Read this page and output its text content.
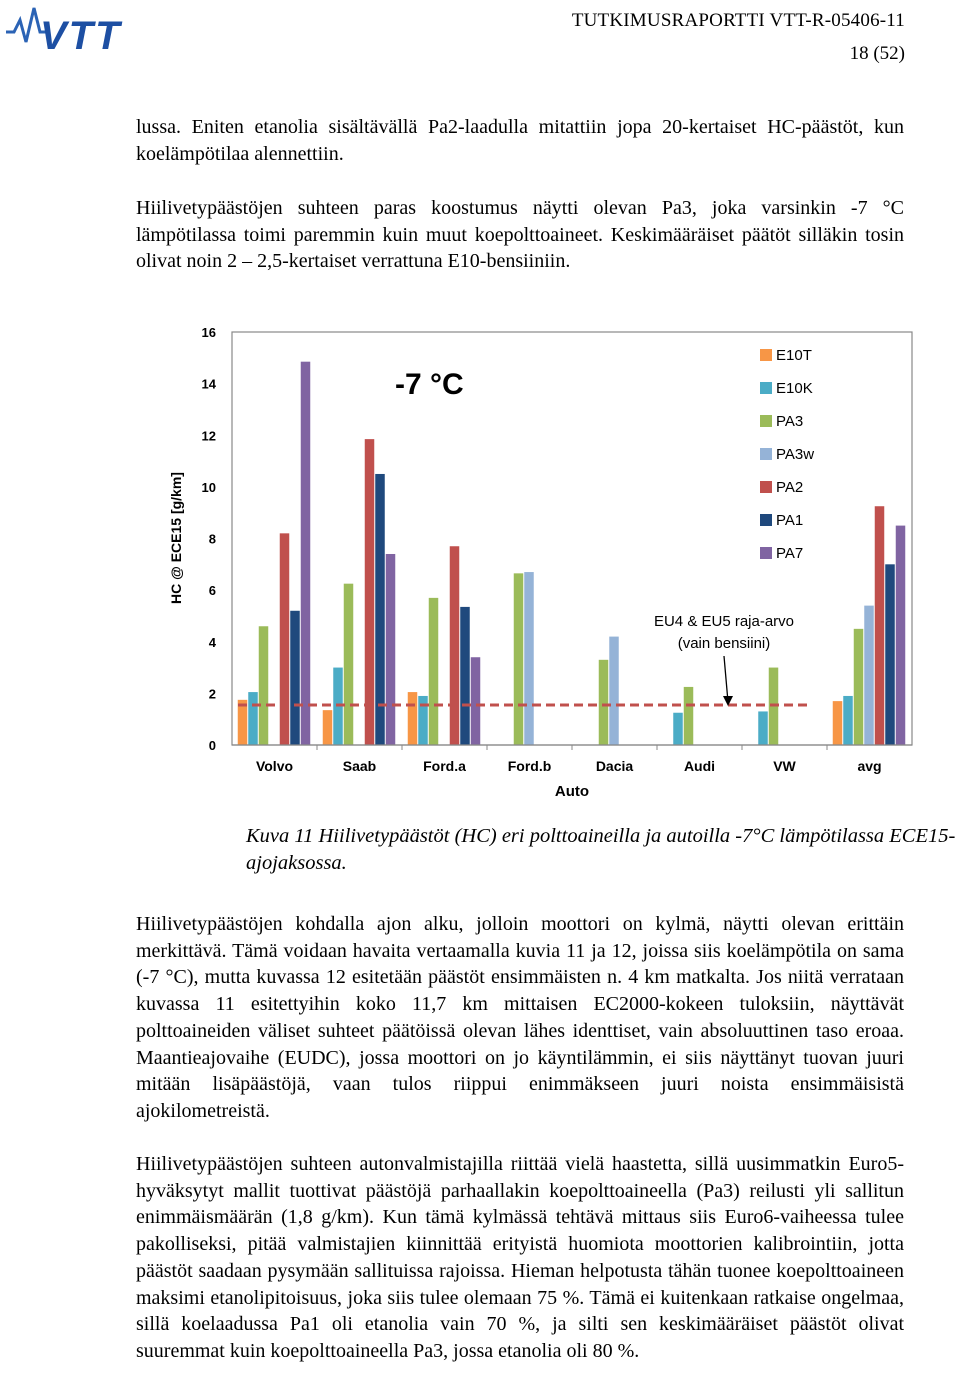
VTT	TUTKIMUSRAPORTTI VTT-R-05406-11
18 (52)

lussa. Eniten etanolia sisältävällä Pa2-laadulla mitattiin jopa 20-kertaiset HC-päästöt, kun koelämpötilaa alennettiin.

Hiilivetypäästöjen suhteen paras koostumus näytti olevan Pa3, joka varsinkin -7 °C lämpötilassa toimi paremmin kuin muut koepolttoaineet. Keskimääräiset päätöt silläkin tosin olivat noin 2 – 2,5-kertaiset verrattuna E10-bensiiniin.

0
2
4
6
8
10
12
14
16
Volvo	Saab	Ford.a	Ford.b	Dacia	Audi	VW	avg
E10T
E10K
PA3
PA3w
PA2
PA1
PA7
-7 °C
Auto
HC @ ECE15 [g/km]
EU4 & EU5 raja-arvo
(vain bensiini)

Kuva 11 Hiilivetypäästöt (HC) eri polttoaineilla ja autoilla -7°C lämpötilassa ECE15-ajojaksossa.

Hiilivetypäästöjen kohdalla ajon alku, jolloin moottori on kylmä, näytti olevan erittäin merkittävä. Tämä voidaan havaita vertaamalla kuvia 11 ja 12, joissa siis koelämpötila on sama (-7 °C), mutta kuvassa 12 esitetään päästöt ensimmäisten n. 4 km matkalta. Jos niitä verrataan kuvassa 11 esitettyihin koko 11,7 km mittaisen EC2000-kokeen tuloksiin, näyttävät polttoaineiden väliset suhteet päätöissä olevan lähes identtiset, vain absoluuttinen taso eroaa. Maantieajovaihe (EUDC), jossa moottori on jo käyntilämmin, ei siis näyttänyt tuovan juuri mitään lisäpäästöjä, vaan tulos riippui enimmäkseen juuri noista ensimmäisistä ajokilometreistä.

Hiilivetypäästöjen suhteen autonvalmistajilla riittää vielä haastetta, sillä uusimmatkin Euro5-hyväksytyt mallit tuottivat päästöjä parhaallakin koepolttoaineella (Pa3) reilusti yli sallitun enimmäismäärän (1,8 g/km). Kun tämä kylmässä tehtävä mittaus siis Euro6-vaiheessa tulee pakolliseksi, pitää valmistajien kiinnittää erityistä huomiota moottorien kalibrointiin, jotta päästöt saadaan pysymään sallituissa rajoissa. Hieman helpotusta tähän tuonee koepolttoaineen maksimi etanolipitoisuus, joka siis tulee olemaan 75 %. Tämä ei kuitenkaan ratkaise ongelmaa, sillä koelaadussa Pa1 oli etanolia vain 70 %, ja silti sen keskimääräiset päästöt olivat suuremmat kuin koepolttoaineella Pa3, jossa etanolia oli 80 %.
